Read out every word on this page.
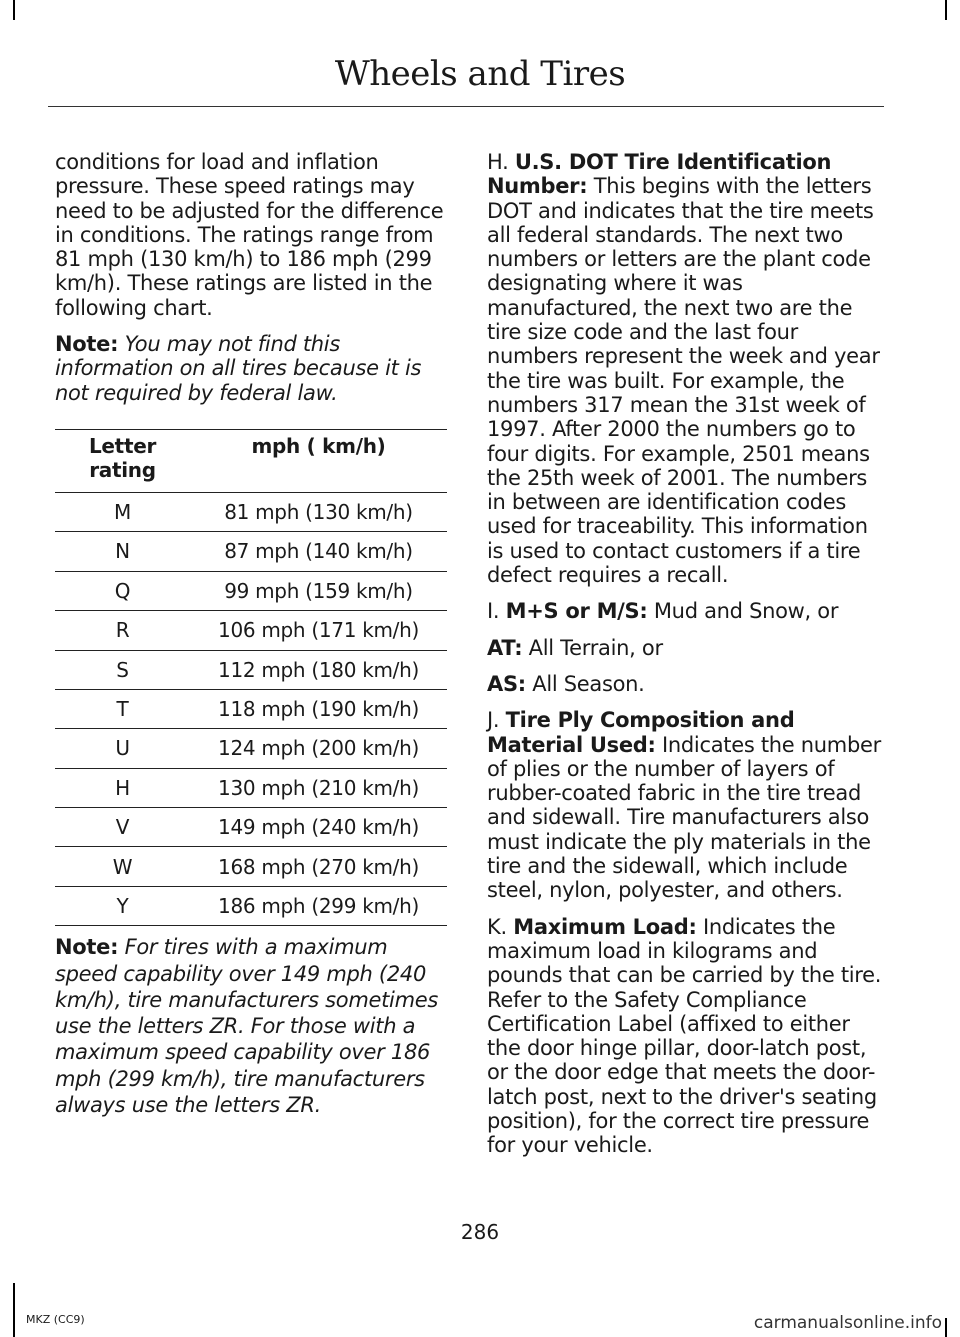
Wheels and Tires

conditions for load and inflation pressure. These speed ratings may need to be adjusted for the difference in conditions. The ratings range from 81 mph (130 km/h) to 186 mph (299 km/h). These ratings are listed in the following chart.

Note: You may not find this information on all tires because it is not required by federal law.

Letter rating	mph ( km/h)
M	81 mph (130 km/h)
N	87 mph (140 km/h)
Q	99 mph (159 km/h)
R	106 mph (171 km/h)
S	112 mph (180 km/h)
T	118 mph (190 km/h)
U	124 mph (200 km/h)
H	130 mph (210 km/h)
V	149 mph (240 km/h)
W	168 mph (270 km/h)
Y	186 mph (299 km/h)

Note: For tires with a maximum speed capability over 149 mph (240 km/h), tire manufacturers sometimes use the letters ZR. For those with a maximum speed capability over 186 mph (299 km/h), tire manufacturers always use the letters ZR.

H. U.S. DOT Tire Identification Number: This begins with the letters DOT and indicates that the tire meets all federal standards. The next two numbers or letters are the plant code designating where it was manufactured, the next two are the tire size code and the last four numbers represent the week and year the tire was built. For example, the numbers 317 mean the 31st week of 1997. After 2000 the numbers go to four digits. For example, 2501 means the 25th week of 2001. The numbers in between are identification codes used for traceability. This information is used to contact customers if a tire defect requires a recall.

I. M+S or M/S: Mud and Snow, or

AT: All Terrain, or

AS: All Season.

J. Tire Ply Composition and Material Used: Indicates the number of plies or the number of layers of rubber-coated fabric in the tire tread and sidewall. Tire manufacturers also must indicate the ply materials in the tire and the sidewall, which include steel, nylon, polyester, and others.

K. Maximum Load: Indicates the maximum load in kilograms and pounds that can be carried by the tire. Refer to the Safety Compliance Certification Label (affixed to either the door hinge pillar, door-latch post, or the door edge that meets the door-latch post, next to the driver's seating position), for the correct tire pressure for your vehicle.

286
MKZ (CC9)	carmanualsonline.info
